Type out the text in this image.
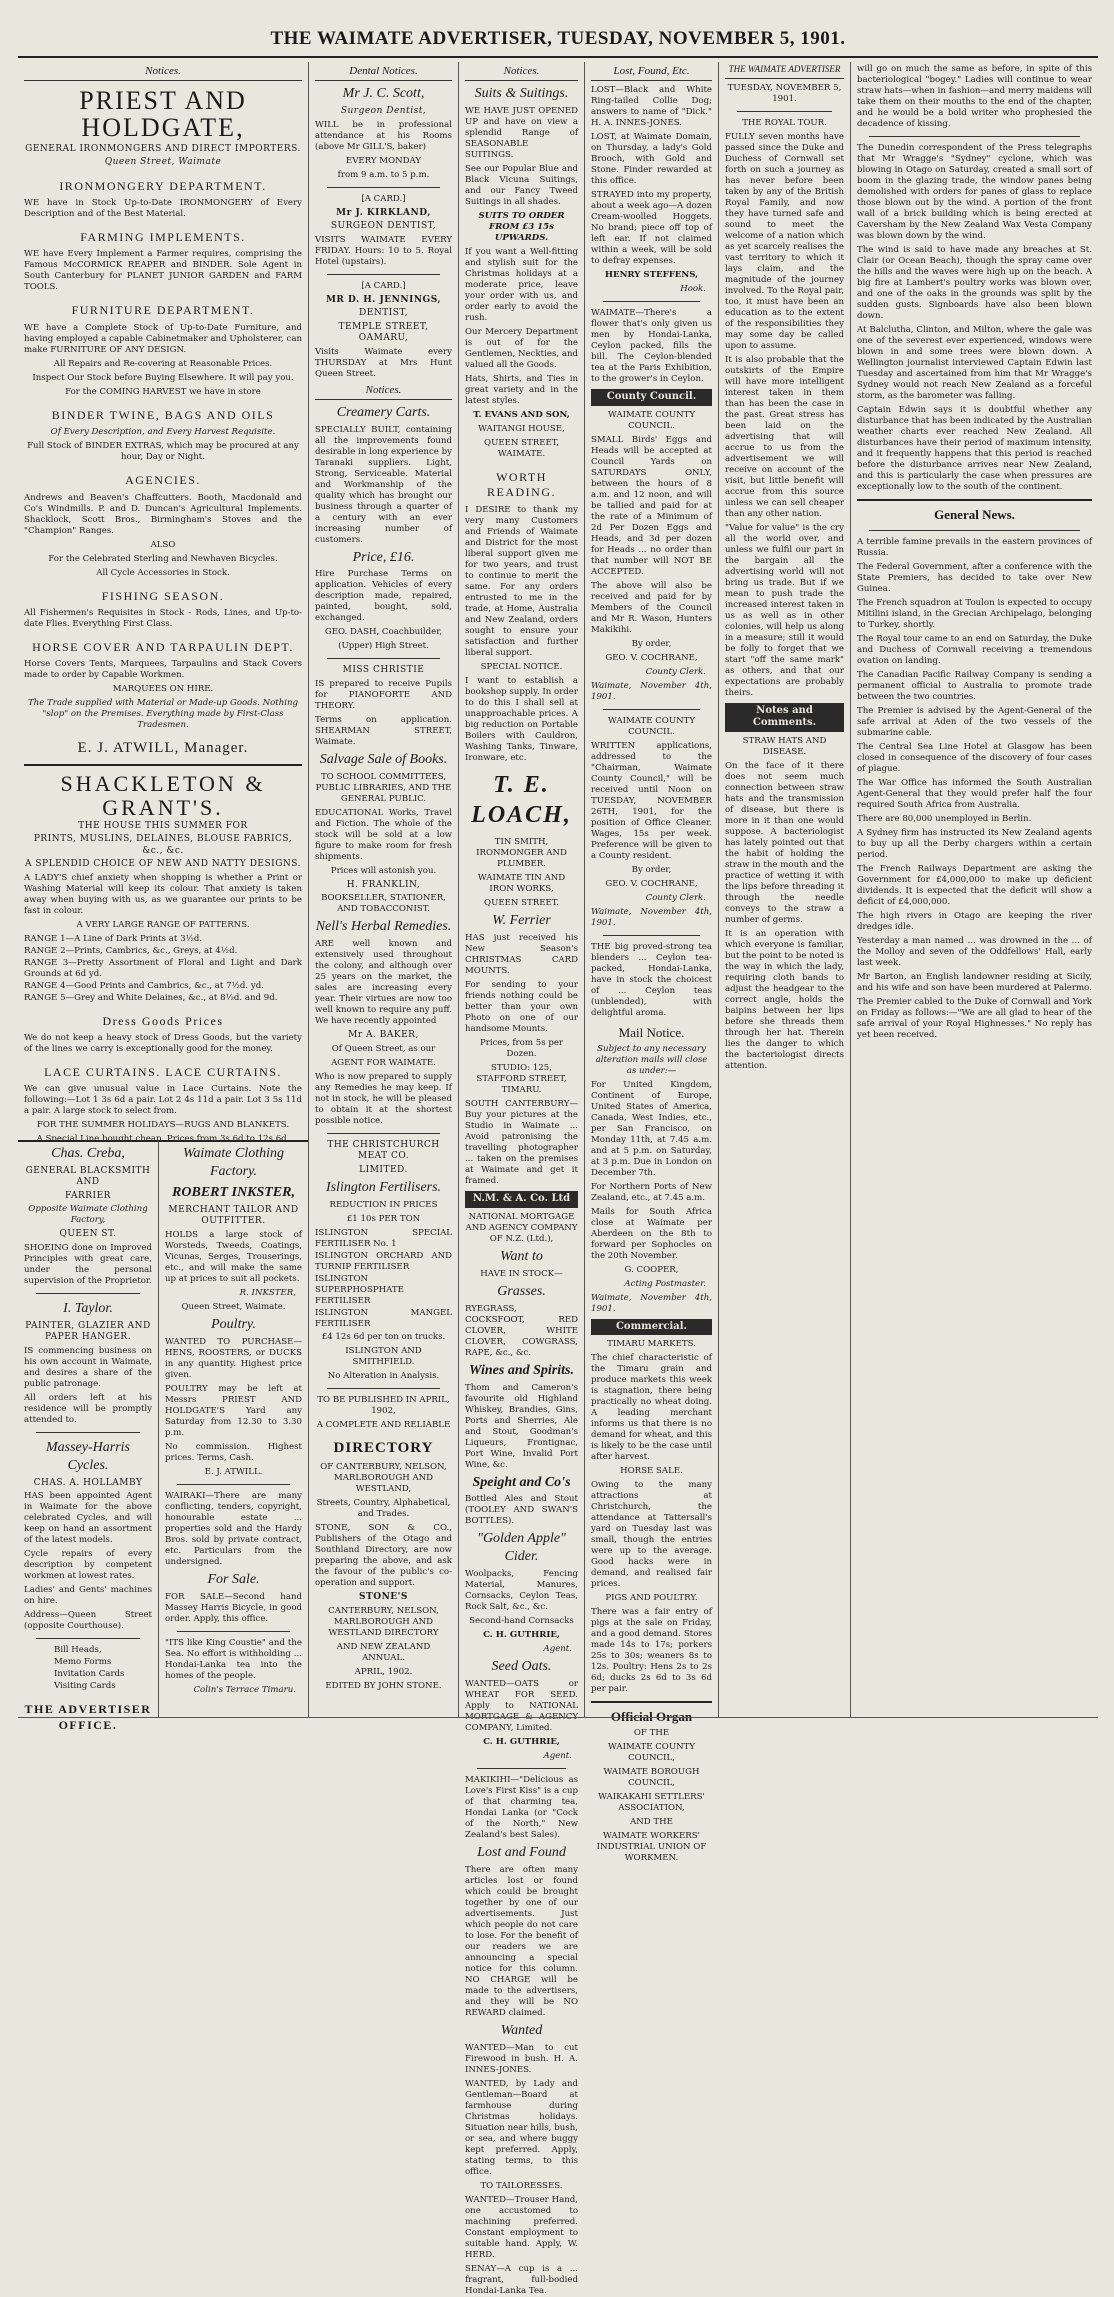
THE WAIMATE ADVERTISER, TUESDAY, NOVEMBER 5, 1901.
Notices.
PRIEST AND HOLDGATE,
GENERAL IRONMONGERS AND DIRECT IMPORTERS.
Queen Street, Waimate
IRONMONGERY DEPARTMENT.

WE have in Stock Up-to-Date IRONMONGERY of Every Description and of the Best Material.

FARMING IMPLEMENTS.

WE have Every Implement a Farmer requires, comprising the Famous McCORMICK REAPER and BINDER. Sole Agent in South Canterbury for PLANET JUNIOR GARDEN and FARM TOOLS.

FURNITURE DEPARTMENT.

WE have a Complete Stock of Up-to-Date Furniture, and having employed a capable Cabinetmaker and Upholsterer, can make FURNITURE OF ANY DESIGN.

All Repairs and Re-covering at Reasonable Prices.

Inspect Our Stock before Buying Elsewhere. It will pay you.

For the COMING HARVEST we have in store

BINDER TWINE, BAGS AND OILS

Of Every Description, and Every Harvest Requisite.

Full Stock of BINDER EXTRAS, which may be procured at any hour, Day or Night.

AGENCIES.

Andrews and Beaven's Chaffcutters. Booth, Macdonald and Co's Windmills. P. and D. Duncan's Agricultural Implements. Shacklock, Scott Bros., Birmingham's Stoves and the "Champion" Ranges.

ALSO

For the Celebrated Sterling and Newhaven Bicycles.

All Cycle Accessories in Stock.

FISHING SEASON.

All Fishermen's Requisites in Stock - Rods, Lines, and Up-to-date Flies. Everything First Class.

HORSE COVER AND TARPAULIN DEPT.

Horse Covers Tents, Marquees, Tarpaulins and Stack Covers made to order by Capable Workmen.

MARQUEES ON HIRE.

The Trade supplied with Material or Made-up Goods. Nothing "slop" on the Premises. Everything made by First-Class Tradesmen.

E. J. ATWILL, Manager.
SHACKLETON & GRANT'S.
THE HOUSE THIS SUMMER FOR
PRINTS, MUSLINS, DELAINES, BLOUSE FABRICS, &c., &c.
A SPLENDID CHOICE OF NEW AND NATTY DESIGNS.

A LADY'S chief anxiety when shopping is whether a Print or Washing Material will keep its colour. That anxiety is taken away when buying with us, as we guarantee our prints to be fast in colour.

A VERY LARGE RANGE OF PATTERNS.

RANGE 1—A Line of Dark Prints at 3½d.

RANGE 2—Prints, Cambrics, &c., Greys, at 4½d.

RANGE 3—Pretty Assortment of Floral and Light and Dark Grounds at 6d yd.

RANGE 4—Good Prints and Cambrics, &c., at 7½d. yd.

RANGE 5—Grey and White Delaines, &c., at 8½d. and 9d.

Dress Goods Prices

We do not keep a heavy stock of Dress Goods, but the variety of the lines we carry is exceptionally good for the money.

LACE CURTAINS. LACE CURTAINS.

We can give unusual value in Lace Curtains. Note the following:—Lot 1 3s 6d a pair. Lot 2 4s 11d a pair. Lot 3 5s 11d a pair. A large stock to select from.

FOR THE SUMMER HOLIDAYS—RUGS AND BLANKETS.

Chas. Creba,
GENERAL BLACKSMITH AND
FARRIER

Opposite Waimate Clothing Factory,

QUEEN ST.

SHOEING done on Improved Principles with great care, under the personal supervision of the Proprietor.

I. Taylor.
PAINTER, GLAZIER AND PAPER HANGER.

IS commencing business on his own account in Waimate, and desires a share of the public patronage.

All orders left at his residence will be promptly attended to.

Massey-Harris Cycles.
CHAS. A. HOLLAMBY

HAS been appointed Agent in Waimate for the above celebrated Cycles, and will keep on hand an assortment of the latest models.

Cycle repairs of every description by competent workmen at lowest rates.

Ladies' and Gents' machines on hire.

Address—Queen Street (opposite Courthouse).

Bill Heads,

Memo Forms

Invitation Cards

Visiting Cards

THE ADVERTISER OFFICE.
Dental Notices.
Mr J. C. Scott,
Surgeon Dentist,

WILL be in professional attendance at his Rooms (above Mr GILL'S, baker)

EVERY MONDAY

from 9 a.m. to 5 p.m.

[A CARD.]

Mr J. KIRKLAND,
SURGEON DENTIST,

VISITS WAIMATE EVERY FRIDAY. Hours: 10 to 5. Royal Hotel (upstairs).

[A CARD.]

MR D. H. JENNINGS,
DENTIST,
TEMPLE STREET, OAMARU,

Visits Waimate every THURSDAY at Mrs Hunt Queen Street.

Notices.
Creamery Carts.

SPECIALLY BUILT, containing all the improvements found desirable in long experience by Taranaki suppliers. Light, Strong, Serviceable. Material and Workmanship of the quality which has brought our business through a quarter of a century with an ever increasing number of customers.

Price, £16.

Hire Purchase Terms on application. Vehicles of every description made, repaired, painted, bought, sold, exchanged.

GEO. DASH, Coachbuilder,

(Upper) High Street.

MISS CHRISTIE

IS prepared to receive Pupils for PIANOFORTE AND THEORY.

Terms on application. SHEARMAN STREET, Waimate.

Salvage Sale of Books.

TO SCHOOL COMMITTEES, PUBLIC LIBRARIES, AND THE GENERAL PUBLIC.

EDUCATIONAL Works, Travel and Fiction. The whole of the stock will be sold at a low figure to make room for fresh shipments.

Prices will astonish you.

H. FRANKLIN,

BOOKSELLER, STATIONER, AND TOBACCONIST.

Nell's Herbal Remedies.

ARE well known and extensively used throughout the colony, and although over 25 years on the market, the sales are increasing every year. Their virtues are now too well known to require any puff. We have recently appointed

Mr A. BAKER,

Of Queen Street, as our

AGENT FOR WAIMATE.

Who is now prepared to supply any Remedies he may keep. If not in stock, he will be pleased to obtain it at the shortest possible notice.

THE CHRISTCHURCH MEAT CO.
LIMITED.
Islington Fertilisers.

REDUCTION IN PRICES

£1 10s PER TON

ISLINGTON SPECIAL FERTILISER No. 1

ISLINGTON ORCHARD AND TURNIP FERTILISER

ISLINGTON SUPERPHOSPHATE FERTILISER

ISLINGTON MANGEL FERTILISER

£4 12s 6d per ton on trucks.

ISLINGTON AND SMITHFIELD.

No Alteration in Analysis.

TO BE PUBLISHED IN APRIL, 1902,

A COMPLETE AND RELIABLE

DIRECTORY

OF CANTERBURY, NELSON, MARLBOROUGH AND WESTLAND,

Streets, Country, Alphabetical, and Trades.

STONE, SON & CO., Publishers of the Otago and Southland Directory, are now preparing the above, and ask the favour of the public's co-operation and support.

STONE'S

CANTERBURY, NELSON, MARLBOROUGH AND WESTLAND DIRECTORY

AND NEW ZEALAND ANNUAL.

APRIL, 1902.

EDITED BY JOHN STONE.

Waimate Clothing Factory.
ROBERT INKSTER,
MERCHANT TAILOR AND OUTFITTER.

HOLDS a large stock of Worsteds, Tweeds, Coatings, Vicunas, Serges, Trouserings, etc., and will make the same up at prices to suit all pockets.

R. INKSTER,

Queen Street, Waimate.

Poultry.

WANTED TO PURCHASE—HENS, ROOSTERS, or DUCKS in any quantity. Highest price given.

POULTRY may be left at Messrs PRIEST AND HOLDGATE'S Yard any Saturday from 12.30 to 3.30 p.m.

No commission. Highest prices. Terms, Cash.

E. J. ATWILL.

WAIRAKI—There are many conflicting, tenders, copyright, honourable estate ... properties sold and the Hardy Bros. sold by private contract, etc. Particulars from the undersigned.

For Sale.

FOR SALE—Second hand Massey Harris Bicycle, in good order. Apply, this office.

"ITS like King Coustie" and the Sea. No effort is withholding ... Hondai-Lanka tea into the homes of the people.

Colin's Terrace Timaru.

Notices.
Suits & Suitings.

WE HAVE JUST OPENED UP and have on view a splendid Range of SEASONABLE SUITINGS.

See our Popular Blue and Black Vicuna Suitings, and our Fancy Tweed Suitings in all shades.

SUITS TO ORDER FROM £3 15s UPWARDS.

If you want a Well-fitting and stylish suit for the Christmas holidays at a moderate price, leave your order with us, and order early to avoid the rush.

Our Mercery Department is out of for the Gentlemen, Neckties, and valued all the Goods.

Hats, Shirts, and Ties in great variety and in the latest styles.

T. EVANS AND SON,

WAITANGI HOUSE,

QUEEN STREET, WAIMATE.

WORTH READING.

I DESIRE to thank my very many Customers and Friends of Waimate and District for the most liberal support given me for two years, and trust to continue to merit the same. For any orders entrusted to me in the trade, at Home, Australia and New Zealand, orders sought to ensure your satisfaction and further liberal support.

SPECIAL NOTICE.

I want to establish a bookshop supply. In order to do this I shall sell at unapproachable prices. A big reduction on Portable Boilers with Cauldron, Washing Tanks, Tinware, Ironware, etc.

T. E. LOACH,

TIN SMITH, IRONMONGER AND PLUMBER.

WAIMATE TIN AND IRON WORKS,

QUEEN STREET.

W. Ferrier

HAS just received his New Season's CHRISTMAS CARD MOUNTS.

For sending to your friends nothing could be better than your own Photo on one of our handsome Mounts.

Prices, from 5s per Dozen.

STUDIO: 125, STAFFORD STREET, TIMARU.

SOUTH CANTERBURY—Buy your pictures at the Studio in Waimate ... Avoid patronising the travelling photographer ... taken on the premises at Waimate and get it framed.

N.M. & A. Co. Ltd

NATIONAL MORTGAGE AND AGENCY COMPANY OF N.Z. (Ltd.),

Want to

HAVE IN STOCK—

Grasses.

RYEGRASS, COCKSFOOT, RED CLOVER, WHITE CLOVER, COWGRASS, RAPE, &c., &c.

Wines and Spirits.

Thom and Cameron's favourite old Highland Whiskey, Brandies, Gins, Ports and Sherries, Ale and Stout, Goodman's Liqueurs, Frontignac, Port Wine, Invalid Port Wine, &c.

Speight and Co's

Bottled Ales and Stout (TOOLEY AND SWAN'S BOTTLES).

"Golden Apple" Cider.

Woolpacks, Fencing Material, Manures, Cornsacks, Ceylon Teas, Rock Salt, &c., &c.

Second-hand Cornsacks

C. H. GUTHRIE,

Agent.

Seed Oats.

WANTED—OATS or WHEAT FOR SEED. Apply to NATIONAL MORTGAGE & AGENCY COMPANY, Limited.

C. H. GUTHRIE,

Agent.

MAKIKIHI—"Delicious as Love's First Kiss" is a cup of that charming tea, Hondai Lanka (or "Cock of the North," New Zealand's best Sales).

Lost and Found

There are often many articles lost or found which could be brought together by one of our advertisements. Just which people do not care to lose. For the benefit of our readers we are announcing a special notice for this column. NO CHARGE will be made to the advertisers, and they will be NO REWARD claimed.

Wanted

WANTED—Man to cut Firewood in bush. H. A. INNES-JONES.

WANTED, by Lady and Gentleman—Board at farmhouse during Christmas holidays. Situation near hills, bush, or sea, and where buggy kept preferred. Apply, stating terms, to this office.

TO TAILORESSES.

WANTED—Trouser Hand, one accustomed to machining preferred. Constant employment to suitable hand. Apply, W. HERD.

SENAY—A cup is a ... fragrant, full-bodied Hondai-Lanka Tea.

Lost, Found, Etc.

LOST—Black and White Ring-tailed Collie Dog; answers to name of "Dick." H. A. INNES-JONES.

LOST, at Waimate Domain, on Thursday, a lady's Gold Brooch, with Gold and Stone. Finder rewarded at this office.

STRAYED into my property, about a week ago—A dozen Cream-woolled Hoggets. No brand; piece off top of left ear. If not claimed within a week, will be sold to defray expenses.

HENRY STEFFENS,

Hook.

WAIMATE—There's a flower that's only given us men by Hondai-Lanka, Ceylon packed, fills the bill. The Ceylon-blended tea at the Paris Exhibition, to the grower's in Ceylon.

County Council.

WAIMATE COUNTY COUNCIL.

SMALL Birds' Eggs and Heads will be accepted at Council Yards on SATURDAYS ONLY, between the hours of 8 a.m. and 12 noon, and will be tallied and paid for at the rate of a Minimum of 2d Per Dozen Eggs and Heads, and 3d per dozen for Heads ... no order than that number will NOT BE ACCEPTED.

The above will also be received and paid for by Members of the Council and Mr R. Wason, Hunters Makikihi.

By order,

GEO. V. COCHRANE,

County Clerk.

Waimate, November 4th, 1901.

WAIMATE COUNTY COUNCIL.

WRITTEN applications, addressed to the "Chairman, Waimate County Council," will be received until Noon on TUESDAY, NOVEMBER 26TH, 1901, for the position of Office Cleaner. Wages, 15s per week. Preference will be given to a County resident.

By order,

GEO. V. COCHRANE,

County Clerk.

Waimate, November 4th, 1901.

THE big proved-strong tea blenders ... Ceylon tea-packed, Hondai-Lanka, have in stock the choicest of ... Ceylon teas (unblended), with delightful aroma.

Mail Notice.

Subject to any necessary alteration mails will close as under:—

For United Kingdom, Continent of Europe, United States of America, Canada, West Indies, etc., per San Francisco, on Monday 11th, at 7.45 a.m. and at 5 p.m. on Saturday, at 3 p.m. Due in London on December 7th.

For Northern Ports of New Zealand, etc., at 7.45 a.m.

Mails for South Africa close at Waimate per Aberdeen on the 8th to forward per Sophocles on the 20th November.

G. COOPER,

Acting Postmaster.

Waimate, November 4th, 1901.

Commercial.

TIMARU MARKETS.

The chief characteristic of the Timaru grain and produce markets this week is stagnation, there being practically no wheat doing. A leading merchant informs us that there is no demand for wheat, and this is likely to be the case until after harvest.

HORSE SALE.

Owing to the many attractions at Christchurch, the attendance at Tattersall's yard on Tuesday last was small, though the entries were up to the average. Good hacks were in demand, and realised fair prices.

PIGS AND POULTRY.

There was a fair entry of pigs at the sale on Friday, and a good demand. Stores made 14s to 17s; porkers 25s to 30s; weaners 8s to 12s. Poultry: Hens 2s to 2s 6d; ducks 2s 6d to 3s 6d per pair.

Official Organ

OF THE

WAIMATE COUNTY COUNCIL,

WAIMATE BOROUGH COUNCIL,

WAIKAKAHI SETTLERS' ASSOCIATION,

AND THE

WAIMATE WORKERS' INDUSTRIAL UNION OF WORKMEN.

THE WAIMATE ADVERTISER

TUESDAY, NOVEMBER 5, 1901.

THE ROYAL TOUR.

FULLY seven months have passed since the Duke and Duchess of Cornwall set forth on such a journey as has never before been taken by any of the British Royal Family, and now they have turned safe and sound to meet the welcome of a nation which as yet scarcely realises the vast territory to which it lays claim, and the magnitude of the journey involved. To the Royal pair, too, it must have been an education as to the extent of the responsibilities they may some day be called upon to assume.

It is also probable that the outskirts of the Empire will have more intelligent interest taken in them than has been the case in the past. Great stress has been laid on the advertising that will accrue to us from the advertisement we will receive on account of the visit, but little benefit will accrue from this source unless we can sell cheaper than any other nation.

"Value for value" is the cry all the world over, and unless we fulfil our part in the bargain all the advertising world will not bring us trade. But if we mean to push trade the increased interest taken in us as well as in other colonies, will help us along in a measure; still it would be folly to forget that we start "off the same mark" as others, and that our expectations are probably theirs.

Notes and Comments.

STRAW HATS AND DISEASE.

On the face of it there does not seem much connection between straw hats and the transmission of disease, but there is more in it than one would suppose. A bacteriologist has lately pointed out that the habit of holding the straw in the mouth and the practice of wetting it with the lips before threading it through the needle conveys to the straw a number of germs.

It is an operation with which everyone is familiar, but the point to be noted is the way in which the lady, requiring cloth bands to adjust the headgear to the correct angle, holds the baipins between her lips before she threads them through her hat. Therein lies the danger to which the bacteriologist directs attention.

will go on much the same as before, in spite of this bacteriological "bogey." Ladies will continue to wear straw hats—when in fashion—and merry maidens will take them on their mouths to the end of the chapter, and he would be a bold writer who prophesied the decadence of kissing.

The Dunedin correspondent of the Press telegraphs that Mr Wragge's "Sydney" cyclone, which was blowing in Otago on Saturday, created a small sort of boom in the glazing trade, the window panes being demolished with orders for panes of glass to replace those blown out by the wind. A portion of the front wall of a brick building which is being erected at Caversham by the New Zealand Wax Vesta Company was blown down by the wind.

The wind is said to have made any breaches at St. Clair (or Ocean Beach), though the spray came over the hills and the waves were high up on the beach. A big fire at Lambert's poultry works was blown over, and one of the oaks in the grounds was split by the sudden gusts. Signboards have also been blown down.

At Balclutha, Clinton, and Milton, where the gale was one of the severest ever experienced, windows were blown in and some trees were blown down. A Wellington journalist interviewed Captain Edwin last Tuesday and ascertained from him that Mr Wragge's Sydney would not reach New Zealand as a forceful storm, as the barometer was falling.

Captain Edwin says it is doubtful whether any disturbance that has been indicated by the Australian weather charts ever reached New Zealand. All disturbances have their period of maximum intensity, and it frequently happens that this period is reached before the disturbance arrives near New Zealand, and this is particularly the case when pressures are exceptionally low to the south of the continent.

General News.

A terrible famine prevails in the eastern provinces of Russia.

The Federal Government, after a conference with the State Premiers, has decided to take over New Guinea.

The French squadron at Toulon is expected to occupy Mitilini island, in the Grecian Archipelago, belonging to Turkey, shortly.

The Royal tour came to an end on Saturday, the Duke and Duchess of Cornwall receiving a tremendous ovation on landing.

The Canadian Pacific Railway Company is sending a permanent official to Australia to promote trade between the two countries.

The Premier is advised by the Agent-General of the safe arrival at Aden of the two vessels of the submarine cable.

The Central Sea Line Hotel at Glasgow has been closed in consequence of the discovery of four cases of plague.

The War Office has informed the South Australian Agent-General that they would prefer half the four required South Africa from Australia.

There are 80,000 unemployed in Berlin.

A Sydney firm has instructed its New Zealand agents to buy up all the Derby chargers within a certain period.

The French Railways Department are asking the Government for £4,000,000 to make up deficient dividends. It is expected that the deficit will show a deficit of £4,000,000.

The high rivers in Otago are keeping the river dredges idle.

Yesterday a man named ... was drowned in the ... of the Molloy and seven of the Oddfellows' Hall, early last week.

Mr Barton, an English landowner residing at Sicily, and his wife and son have been murdered at Palermo.

The Premier cabled to the Duke of Cornwall and York on Friday as follows:—"We are all glad to hear of the safe arrival of your Royal Highnesses." No reply has yet been received.
